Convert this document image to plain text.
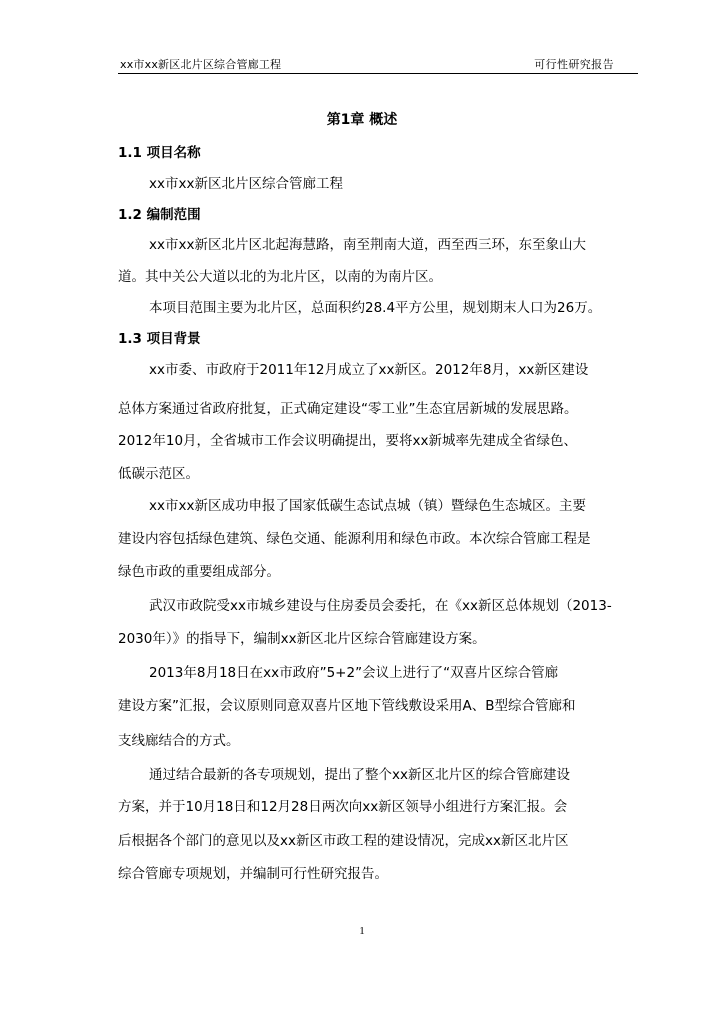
xx市xx新区北片区综合管廊工程	可行性研究报告
第1章 概述
1.1 项目名称
xx市xx新区北片区综合管廊工程
1.2 编制范围
xx市xx新区北片区北起海慧路，南至荆南大道，西至西三环，东至象山大
道。其中关公大道以北的为北片区，以南的为南片区。
本项目范围主要为北片区，总面积约28.4平方公里，规划期末人口为26万。
1.3 项目背景
xx市委、市政府于2011年12月成立了xx新区。2012年8月，xx新区建设
总体方案通过省政府批复，正式确定建设“零工业”生态宜居新城的发展思路。
2012年10月，全省城市工作会议明确提出，要将xx新城率先建成全省绿色、
低碳示范区。
xx市xx新区成功申报了国家低碳生态试点城（镇）暨绿色生态城区。主要
建设内容包括绿色建筑、绿色交通、能源利用和绿色市政。本次综合管廊工程是
绿色市政的重要组成部分。
武汉市政院受xx市城乡建设与住房委员会委托，在《xx新区总体规划（2013-
2030年）》的指导下，编制xx新区北片区综合管廊建设方案。
2013年8月18日在xx市政府”5+2”会议上进行了“双喜片区综合管廊
建设方案”汇报，会议原则同意双喜片区地下管线敷设采用A、B型综合管廊和
支线廊结合的方式。
通过结合最新的各专项规划，提出了整个xx新区北片区的综合管廊建设
方案，并于10月18日和12月28日两次向xx新区领导小组进行方案汇报。会
后根据各个部门的意见以及xx新区市政工程的建设情况，完成xx新区北片区
综合管廊专项规划，并编制可行性研究报告。
1
